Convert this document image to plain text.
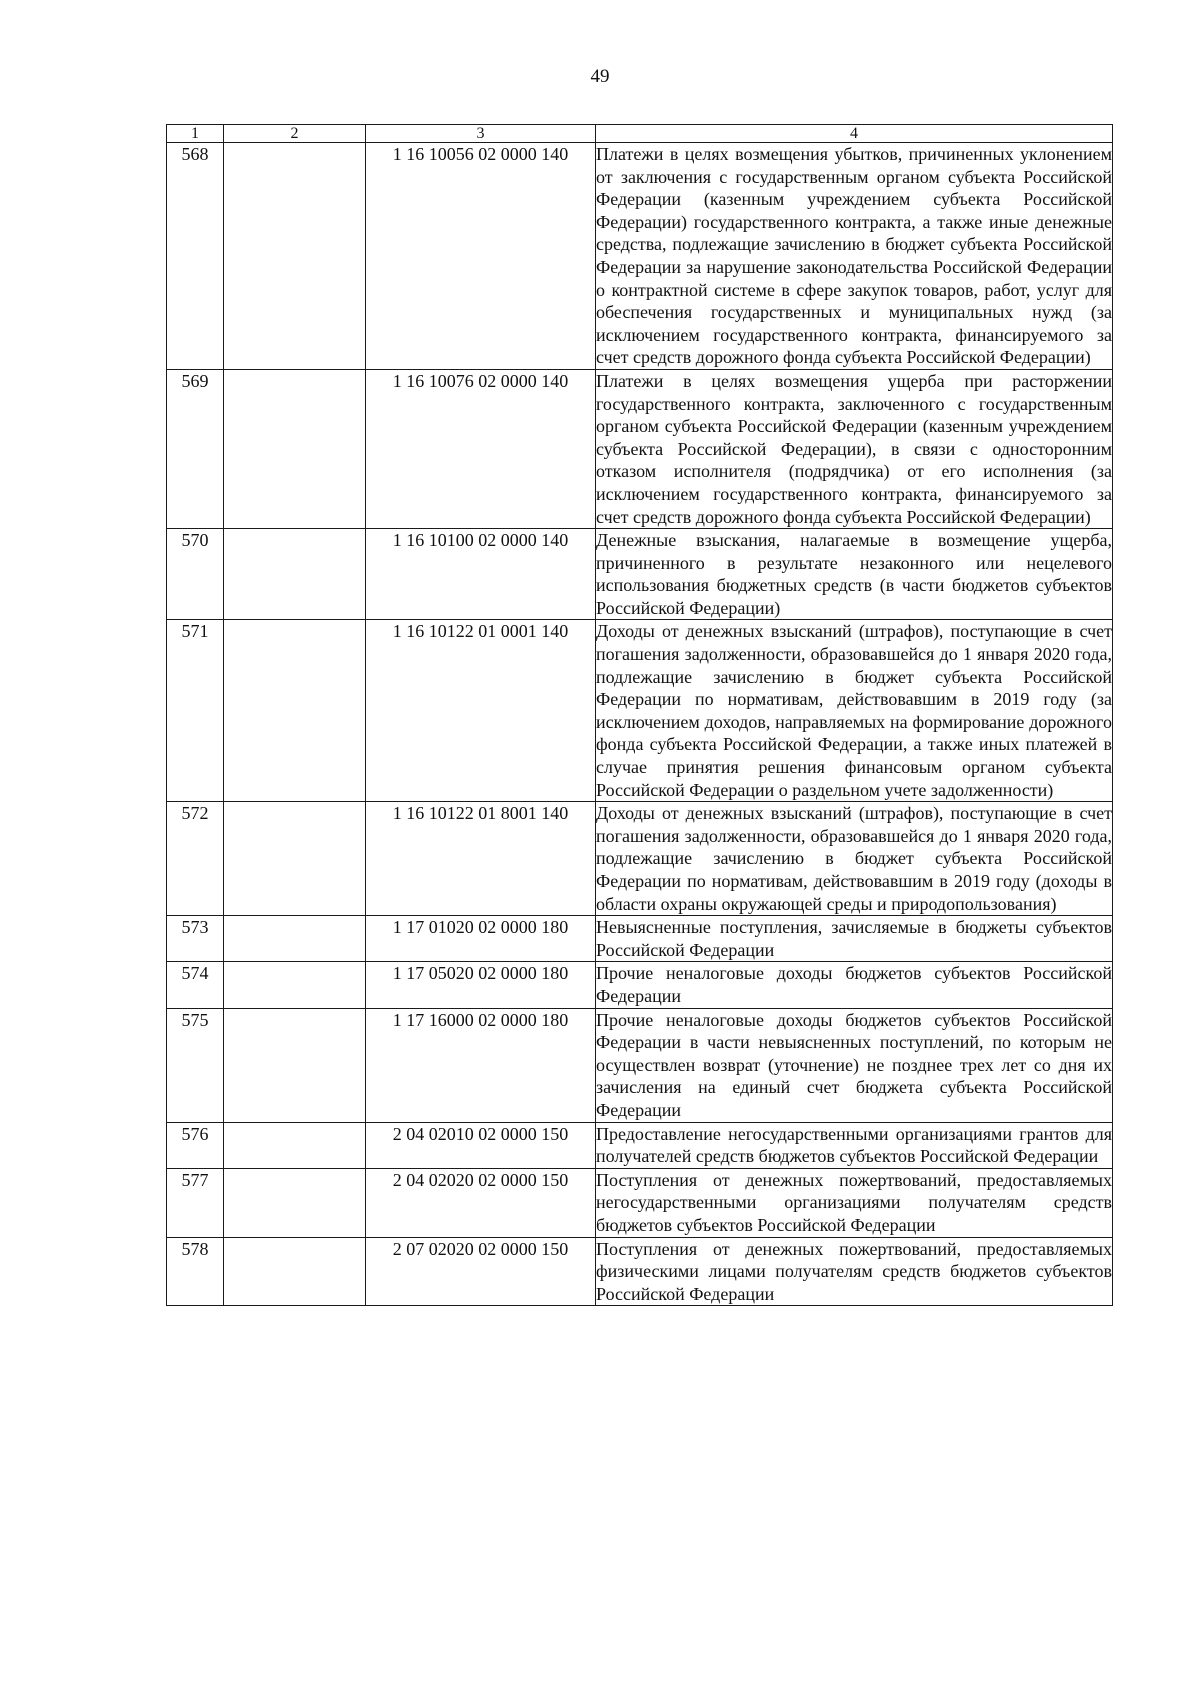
49
1	2	3	4
568		1 16 10056 02 0000 140	Платежи в целях возмещения убытков, причиненных уклонением от заключения с государственным органом субъекта Российской Федерации (казенным учреждением субъекта Российской Федерации) государственного контракта, а также иные денежные средства, подлежащие зачислению в бюджет субъекта Российской Федерации за нарушение законодательства Российской Федерации о контрактной системе в сфере закупок товаров, работ, услуг для обеспечения государственных и муниципальных нужд (за исключением государственного контракта, финансируемого за счет средств дорожного фонда субъекта Российской Федерации)
569		1 16 10076 02 0000 140	Платежи в целях возмещения ущерба при расторжении государственного контракта, заключенного с государственным органом субъекта Российской Федерации (казенным учреждением субъекта Российской Федерации), в связи с односторонним отказом исполнителя (подрядчика) от его исполнения (за исключением государственного контракта, финансируемого за счет средств дорожного фонда субъекта Российской Федерации)
570		1 16 10100 02 0000 140	Денежные взыскания, налагаемые в возмещение ущерба, причиненного в результате незаконного или нецелевого использования бюджетных средств (в части бюджетов субъектов Российской Федерации)
571		1 16 10122 01 0001 140	Доходы от денежных взысканий (штрафов), поступающие в счет погашения задолженности, образовавшейся до 1 января 2020 года, подлежащие зачислению в бюджет субъекта Российской Федерации по нормативам, действовавшим в 2019 году (за исключением доходов, направляемых на формирование дорожного фонда субъекта Российской Федерации, а также иных платежей в случае принятия решения финансовым органом субъекта Российской Федерации о раздельном учете задолженности)
572		1 16 10122 01 8001 140	Доходы от денежных взысканий (штрафов), поступающие в счет погашения задолженности, образовавшейся до 1 января 2020 года, подлежащие зачислению в бюджет субъекта Российской Федерации по нормативам, действовавшим в 2019 году (доходы в области охраны окружающей среды и природопользования)
573		1 17 01020 02 0000 180	Невыясненные поступления, зачисляемые в бюджеты субъектов Российской Федерации
574		1 17 05020 02 0000 180	Прочие неналоговые доходы бюджетов субъектов Российской Федерации
575		1 17 16000 02 0000 180	Прочие неналоговые доходы бюджетов субъектов Российской Федерации в части невыясненных поступлений, по которым не осуществлен возврат (уточнение) не позднее трех лет со дня их зачисления на единый счет бюджета субъекта Российской Федерации
576		2 04 02010 02 0000 150	Предоставление негосударственными организациями грантов для получателей средств бюджетов субъектов Российской Федерации
577		2 04 02020 02 0000 150	Поступления от денежных пожертвований, предоставляемых негосударственными организациями получателям средств бюджетов субъектов Российской Федерации
578		2 07 02020 02 0000 150	Поступления от денежных пожертвований, предоставляемых физическими лицами получателям средств бюджетов субъектов Российской Федерации
